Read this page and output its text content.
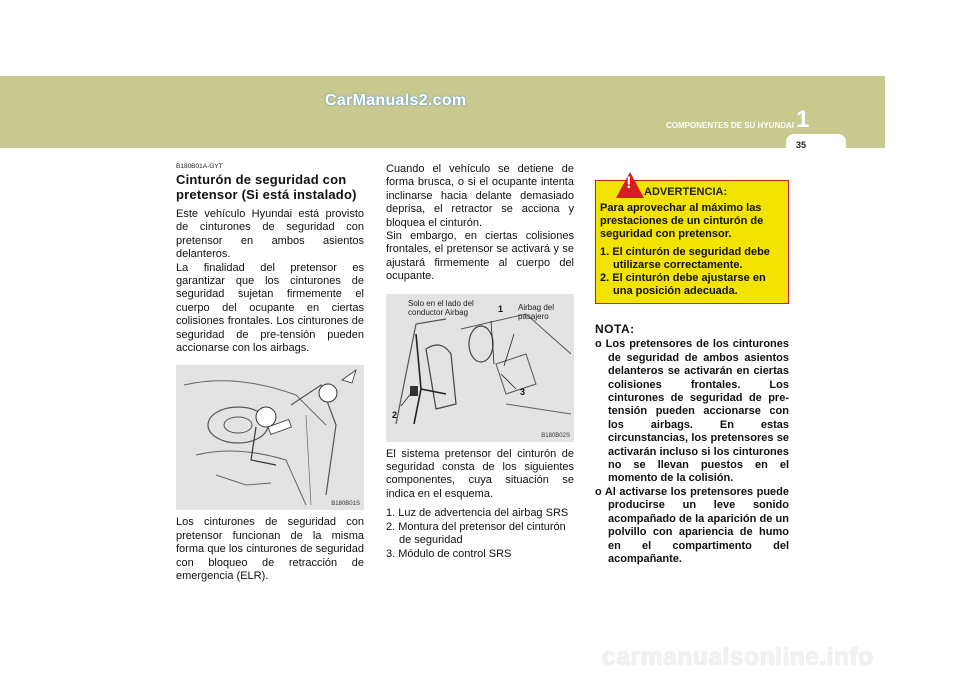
CarManuals2.com
COMPONENTES DE SU HYUNDAI 1
35
B180B01A-GYT
Cinturón de seguridad con pretensor (Si está instalado)

Este vehículo Hyundai está provisto de cinturones de seguridad con pretensor en ambos asientos delanteros.

La finalidad del pretensor es garantizar que los cinturones de seguridad sujetan firmemente el cuerpo del ocupante en ciertas colisiones frontales. Los cinturones de seguridad de pre-tensión pueden accionarse con los airbags.

B180B01S

Los cinturones de seguridad con pretensor funcionan de la misma forma que los cinturones de seguridad con bloqueo de retracción de emergencia (ELR).

Cuando el vehículo se detiene de forma brusca, o si el ocupante intenta inclinarse hacia delante demasiado deprisa, el retractor se acciona y bloquea el cinturón.

Sin embargo, en ciertas colisiones frontales, el pretensor se activará y se ajustará firmemente al cuerpo del ocupante.

Solo en el lado del conductor Airbag
Airbag del pasajero
1
2
3
B180B02S

El sistema pretensor del cinturón de seguridad consta de los siguientes componentes, cuya situación se indica en el esquema.

1. Luz de advertencia del airbag SRS
2. Montura del pretensor del cinturón de seguridad
3. Módulo de control SRS
! ADVERTENCIA:
Para aprovechar al máximo las prestaciones de un cinturón de seguridad con pretensor.
1. El cinturón de seguridad debe utilizarse correctamente.
2. El cinturón debe ajustarse en una posición adecuada.
NOTA:
o Los pretensores de los cinturones de seguridad de ambos asientos delanteros se activarán en ciertas colisiones frontales. Los cinturones de seguridad de pre-tensión pueden accionarse con los airbags. En estas circunstancias, los pretensores se activarán incluso si los cinturones no se llevan puestos en el momento de la colisión.
o Al activarse los pretensores puede producirse un leve sonido acompañado de la aparición de un polvillo con apariencia de humo en el compartimento del acompañante.
carmanualsonline.info
